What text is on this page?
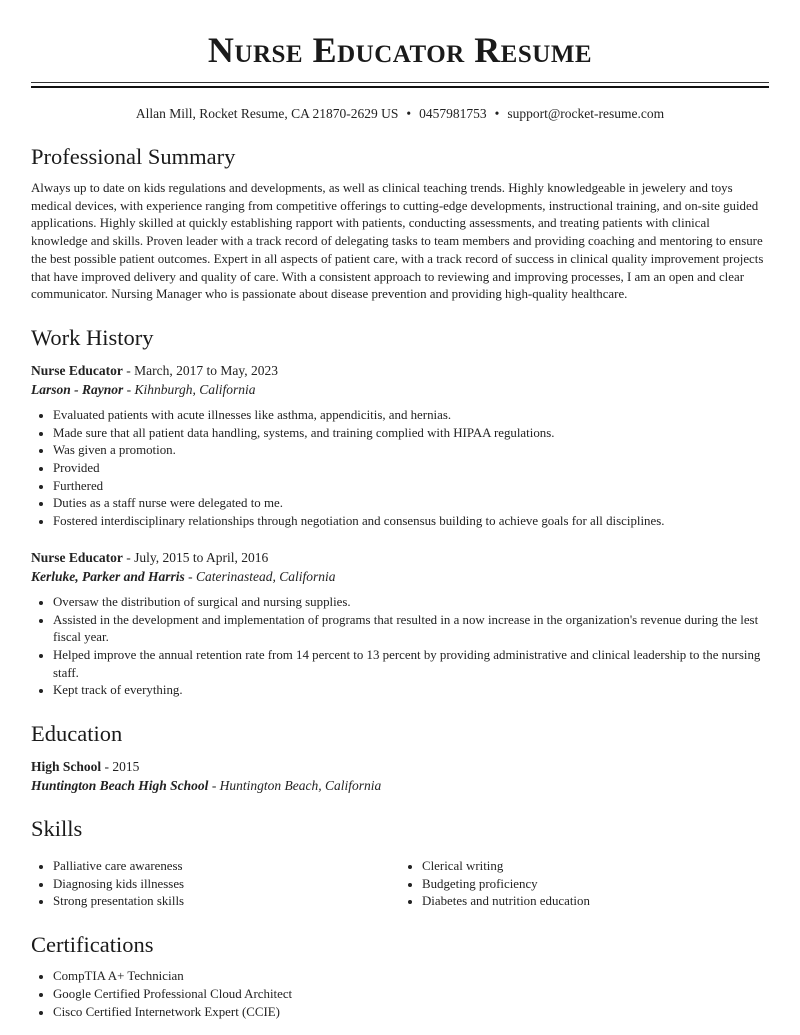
Nurse Educator Resume
Allan Mill, Rocket Resume, CA 21870-2629 US • 0457981753 • support@rocket-resume.com
Professional Summary

Always up to date on kids regulations and developments, as well as clinical teaching trends. Highly knowledgeable in jewelery and toys medical devices, with experience ranging from competitive offerings to cutting-edge developments, instructional training, and on-site guided applications. Highly skilled at quickly establishing rapport with patients, conducting assessments, and treating patients with clinical knowledge and skills. Proven leader with a track record of delegating tasks to team members and providing coaching and mentoring to ensure the best possible patient outcomes. Expert in all aspects of patient care, with a track record of success in clinical quality improvement projects that have improved delivery and quality of care. With a consistent approach to reviewing and improving processes, I am an open and clear communicator. Nursing Manager who is passionate about disease prevention and providing high-quality healthcare.

Work History
Nurse Educator - March, 2017 to May, 2023
Larson - Raynor - Kihnburgh, California
• Evaluated patients with acute illnesses like asthma, appendicitis, and hernias.
• Made sure that all patient data handling, systems, and training complied with HIPAA regulations.
• Was given a promotion.
• Provided
• Furthered
• Duties as a staff nurse were delegated to me.
• Fostered interdisciplinary relationships through negotiation and consensus building to achieve goals for all disciplines.
Nurse Educator - July, 2015 to April, 2016
Kerluke, Parker and Harris - Caterinastead, California
• Oversaw the distribution of surgical and nursing supplies.
• Assisted in the development and implementation of programs that resulted in a now increase in the organization's revenue during the lest fiscal year.
• Helped improve the annual retention rate from 14 percent to 13 percent by providing administrative and clinical leadership to the nursing staff.
• Kept track of everything.
Education
High School - 2015
Huntington Beach High School - Huntington Beach, California
Skills
• Palliative care awareness
• Diagnosing kids illnesses
• Strong presentation skills
• Clerical writing
• Budgeting proficiency
• Diabetes and nutrition education
Certifications
• CompTIA A+ Technician
• Google Certified Professional Cloud Architect
• Cisco Certified Internetwork Expert (CCIE)
